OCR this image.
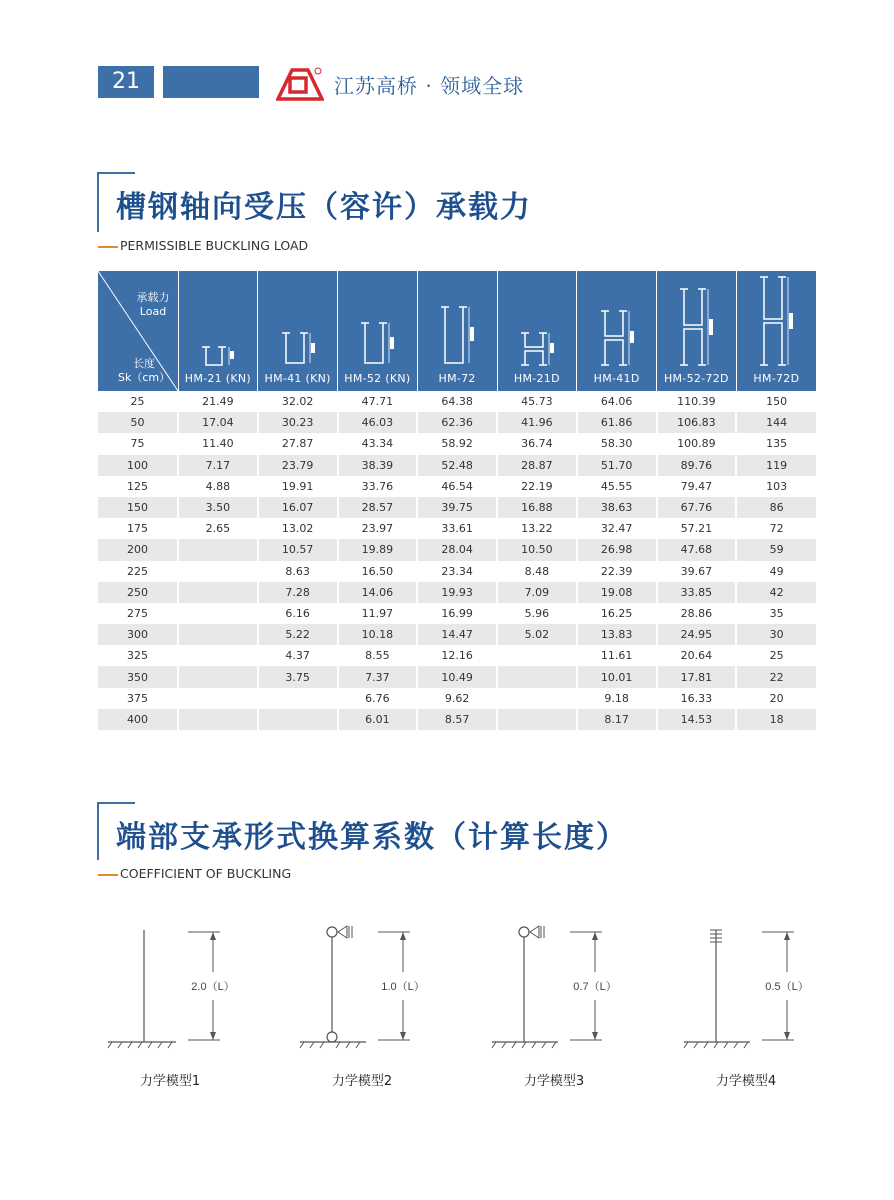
21	江苏高桥 · 领域全球
槽钢轴向受压（容许）承载力
PERMISSIBLE BUCKLING LOAD
承载力
Load
长度
Sk（cm）	HM-21 (KN)	HM-41 (KN)	HM-52 (KN)	HM-72	HM-21D	HM-41D	HM-52-72D	HM-72D

25	21.49	32.02	47.71	64.38	45.73	64.06	110.39	150
50	17.04	30.23	46.03	62.36	41.96	61.86	106.83	144
75	11.40	27.87	43.34	58.92	36.74	58.30	100.89	135
100	7.17	23.79	38.39	52.48	28.87	51.70	89.76	119
125	4.88	19.91	33.76	46.54	22.19	45.55	79.47	103
150	3.50	16.07	28.57	39.75	16.88	38.63	67.76	86
175	2.65	13.02	23.97	33.61	13.22	32.47	57.21	72
200		10.57	19.89	28.04	10.50	26.98	47.68	59
225		8.63	16.50	23.34	8.48	22.39	39.67	49
250		7.28	14.06	19.93	7.09	19.08	33.85	42
275		6.16	11.97	16.99	5.96	16.25	28.86	35
300		5.22	10.18	14.47	5.02	13.83	24.95	30
325		4.37	8.55	12.16		11.61	20.64	25
350		3.75	7.37	10.49		10.01	17.81	22
375			6.76	9.62		9.18	16.33	20
400			6.01	8.57		8.17	14.53	18
端部支承形式换算系数（计算长度）
COEFFICIENT OF BUCKLING
2.0（L）
力学模型1
1.0（L）
力学模型2
0.7（L）
力学模型3
0.5（L）
力学模型4
